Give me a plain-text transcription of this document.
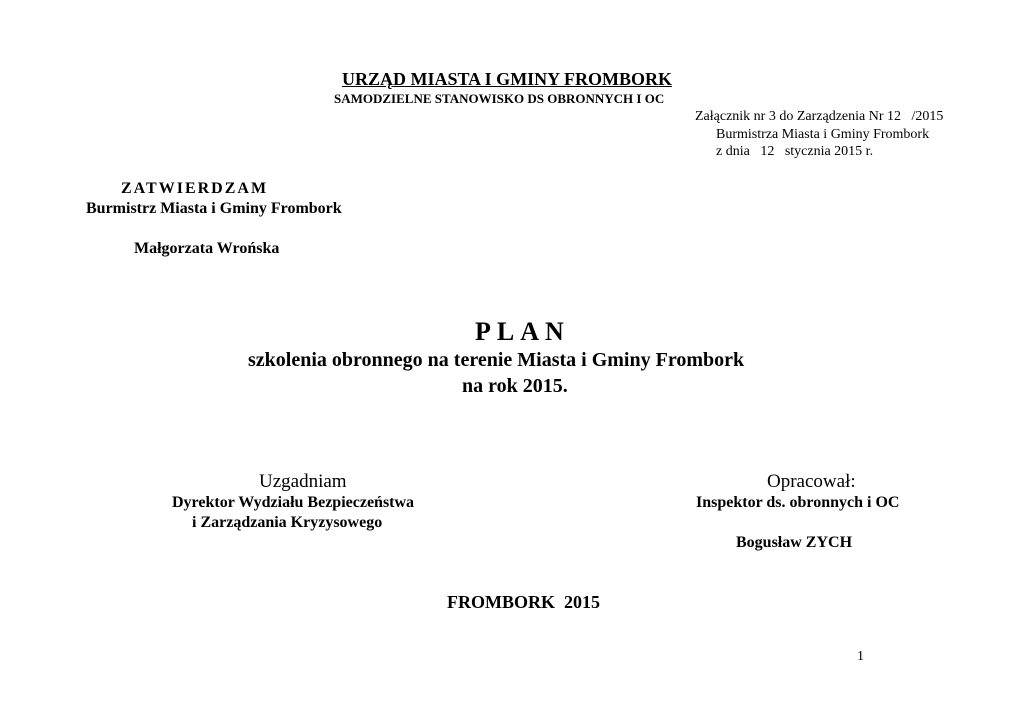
URZĄD MIASTA I GMINY FROMBORK
SAMODZIELNE STANOWISKO DS OBRONNYCH I OC
Załącznik nr 3 do Zarządzenia Nr 12   /2015
Burmistrza Miasta i Gminy Frombork
z dnia   12   stycznia 2015 r.
ZATWIERDZAM
Burmistrz Miasta i Gminy Frombork
Małgorzata Wrońska
PLAN
szkolenia obronnego na terenie Miasta i Gminy Frombork
na rok 2015.
Uzgadniam
Dyrektor Wydziału Bezpieczeństwa
i Zarządzania Kryzysowego
Opracował:
Inspektor ds. obronnych i OC
Bogusław ZYCH
FROMBORK  2015
1
